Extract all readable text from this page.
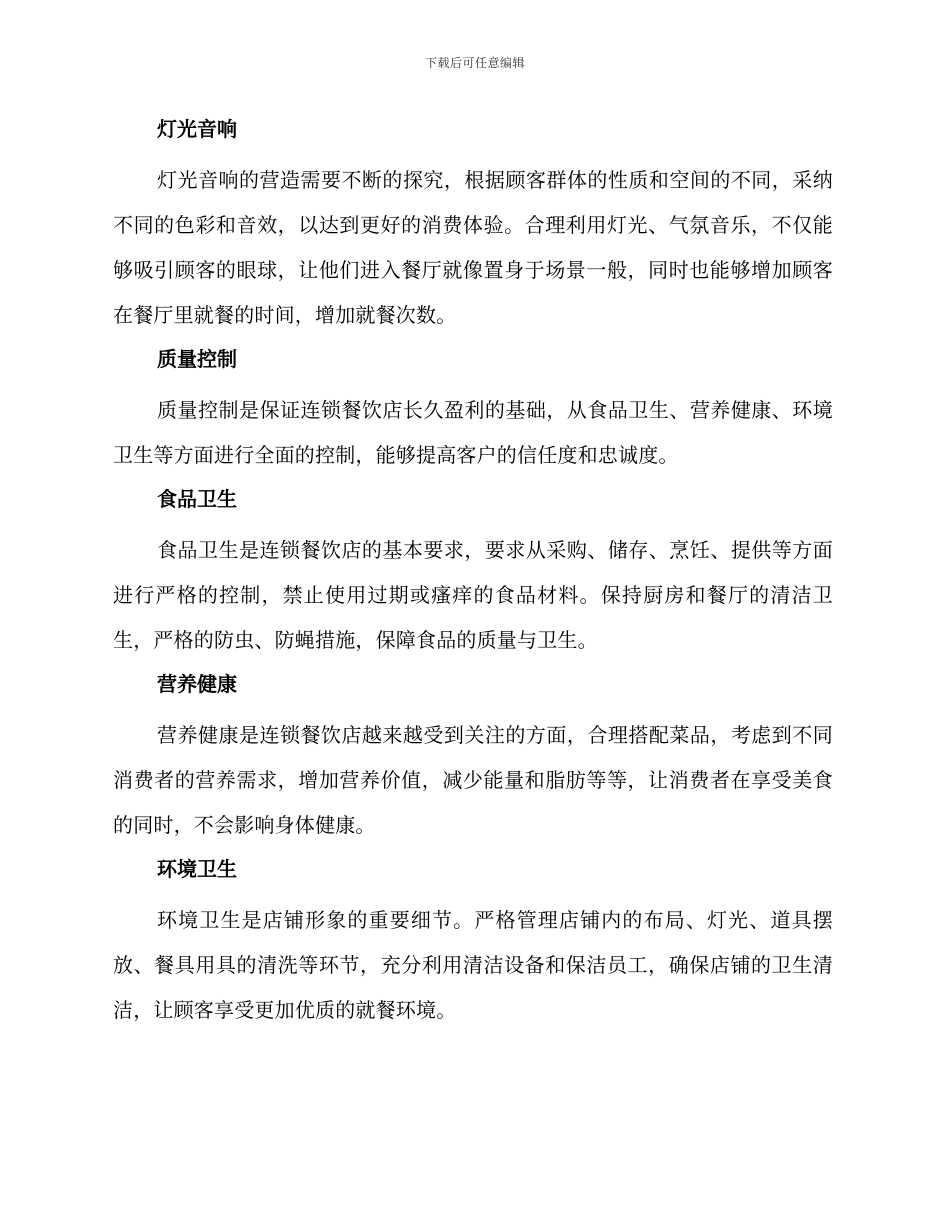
下载后可任意编辑
灯光音响

灯光音响的营造需要不断的探究，根据顾客群体的性质和空间的不同，采纳不同的色彩和音效，以达到更好的消费体验。合理利用灯光、气氛音乐，不仅能够吸引顾客的眼球，让他们进入餐厅就像置身于场景一般，同时也能够增加顾客在餐厅里就餐的时间，增加就餐次数。

质量控制

质量控制是保证连锁餐饮店长久盈利的基础，从食品卫生、营养健康、环境卫生等方面进行全面的控制，能够提高客户的信任度和忠诚度。

食品卫生

食品卫生是连锁餐饮店的基本要求，要求从采购、储存、烹饪、提供等方面进行严格的控制，禁止使用过期或瘙痒的食品材料。保持厨房和餐厅的清洁卫生，严格的防虫、防蝇措施，保障食品的质量与卫生。

营养健康

营养健康是连锁餐饮店越来越受到关注的方面，合理搭配菜品，考虑到不同消费者的营养需求，增加营养价值，减少能量和脂肪等等，让消费者在享受美食的同时，不会影响身体健康。

环境卫生

环境卫生是店铺形象的重要细节。严格管理店铺内的布局、灯光、道具摆放、餐具用具的清洗等环节，充分利用清洁设备和保洁员工，确保店铺的卫生清洁，让顾客享受更加优质的就餐环境。
